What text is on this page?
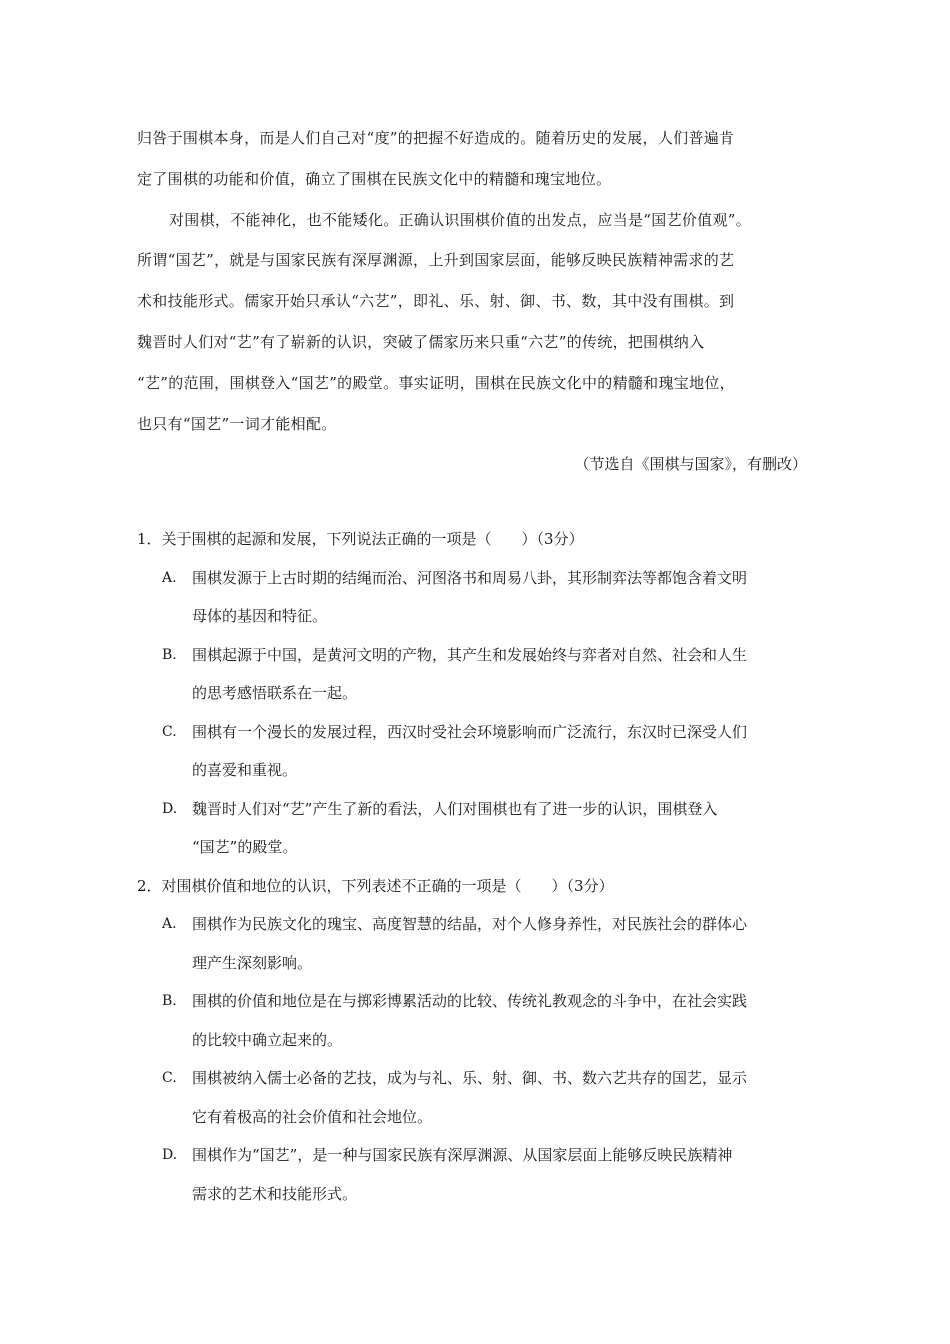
归咎于围棋本身，而是人们自己对“度”的把握不好造成的。随着历史的发展，人们普遍肯
定了围棋的功能和价值，确立了围棋在民族文化中的精髓和瑰宝地位。
对围棋，不能神化，也不能矮化。正确认识围棋价值的出发点，应当是“国艺价值观”。
所谓“国艺”，就是与国家民族有深厚渊源，上升到国家层面，能够反映民族精神需求的艺
术和技能形式。儒家开始只承认“六艺”，即礼、乐、射、御、书、数，其中没有围棋。到
魏晋时人们对“艺”有了崭新的认识，突破了儒家历来只重“六艺”的传统，把围棋纳入
“艺”的范围，围棋登入“国艺”的殿堂。事实证明，围棋在民族文化中的精髓和瑰宝地位，
也只有“国艺”一词才能相配。
（节选自《围棋与国家》，有删改）
1．关于围棋的起源和发展，下列说法正确的一项是（　　）（3分）
A. 围棋发源于上古时期的结绳而治、河图洛书和周易八卦，其形制弈法等都饱含着文明
母体的基因和特征。
B. 围棋起源于中国，是黄河文明的产物，其产生和发展始终与弈者对自然、社会和人生
的思考感悟联系在一起。
C. 围棋有一个漫长的发展过程，西汉时受社会环境影响而广泛流行，东汉时已深受人们
的喜爱和重视。
D. 魏晋时人们对“艺”产生了新的看法，人们对围棋也有了进一步的认识，围棋登入
“国艺”的殿堂。
2．对围棋价值和地位的认识，下列表述不正确的一项是（　　）（3分）
A. 围棋作为民族文化的瑰宝、高度智慧的结晶，对个人修身养性，对民族社会的群体心
理产生深刻影响。
B. 围棋的价值和地位是在与掷彩博累活动的比较、传统礼教观念的斗争中，在社会实践
的比较中确立起来的。
C. 围棋被纳入儒士必备的艺技，成为与礼、乐、射、御、书、数六艺共存的国艺，显示
它有着极高的社会价值和社会地位。
D. 围棋作为“国艺”，是一种与国家民族有深厚渊源、从国家层面上能够反映民族精神
需求的艺术和技能形式。
